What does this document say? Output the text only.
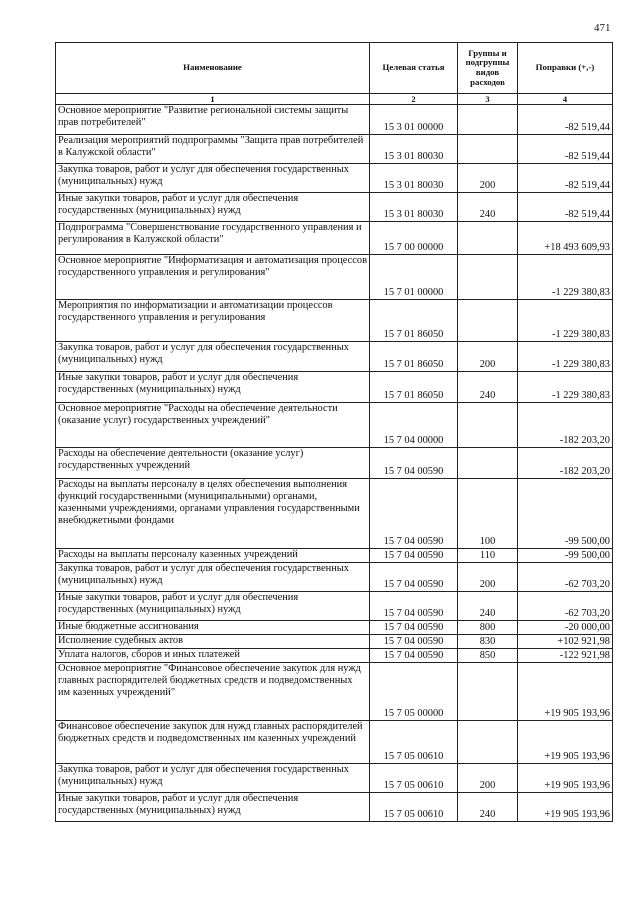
471
Наименование	Целевая статья	Группы и подгруппы видов расходов	Поправки (+,-)
1	2	3	4
Основное мероприятие "Развитие региональной системы защиты прав потребителей"	15 3 01 00000		-82 519,44
Реализация мероприятий подпрограммы "Защита прав потребителей в Калужской области"	15 3 01 80030		-82 519,44
Закупка товаров, работ и услуг для обеспечения государственных (муниципальных) нужд	15 3 01 80030	200	-82 519,44
Иные закупки товаров, работ и услуг для обеспечения государственных (муниципальных) нужд	15 3 01 80030	240	-82 519,44
Подпрограмма "Совершенствование государственного управления и регулирования в Калужской области"	15 7 00 00000		+18 493 609,93
Основное мероприятие "Информатизация и автоматизация процессов государственного управления и регулирования"	15 7 01 00000		-1 229 380,83
Мероприятия по информатизации и автоматизации процессов государственного управления и регулирования	15 7 01 86050		-1 229 380,83
Закупка товаров, работ и услуг для обеспечения государственных (муниципальных) нужд	15 7 01 86050	200	-1 229 380,83
Иные закупки товаров, работ и услуг для обеспечения государственных (муниципальных) нужд	15 7 01 86050	240	-1 229 380,83
Основное мероприятие "Расходы на обеспечение деятельности (оказание услуг) государственных учреждений"	15 7 04 00000		-182 203,20
Расходы на обеспечение деятельности (оказание услуг) государственных учреждений	15 7 04 00590		-182 203,20
Расходы на выплаты персоналу в целях обеспечения выполнения функций государственными (муниципальными) органами, казенными учреждениями, органами управления государственными внебюджетными фондами	15 7 04 00590	100	-99 500,00
Расходы на выплаты персоналу казенных учреждений	15 7 04 00590	110	-99 500,00
Закупка товаров, работ и услуг для обеспечения государственных (муниципальных) нужд	15 7 04 00590	200	-62 703,20
Иные закупки товаров, работ и услуг для обеспечения государственных (муниципальных) нужд	15 7 04 00590	240	-62 703,20
Иные бюджетные ассигнования	15 7 04 00590	800	-20 000,00
Исполнение судебных актов	15 7 04 00590	830	+102 921,98
Уплата налогов, сборов и иных платежей	15 7 04 00590	850	-122 921,98
Основное мероприятие "Финансовое обеспечение закупок для нужд главных распорядителей бюджетных средств и подведомственных им казенных учреждений"	15 7 05 00000		+19 905 193,96
Финансовое обеспечение закупок для нужд главных распорядителей бюджетных средств и подведомственных им казенных учреждений	15 7 05 00610		+19 905 193,96
Закупка товаров, работ и услуг для обеспечения государственных (муниципальных) нужд	15 7 05 00610	200	+19 905 193,96
Иные закупки товаров, работ и услуг для обеспечения государственных (муниципальных) нужд	15 7 05 00610	240	+19 905 193,96
